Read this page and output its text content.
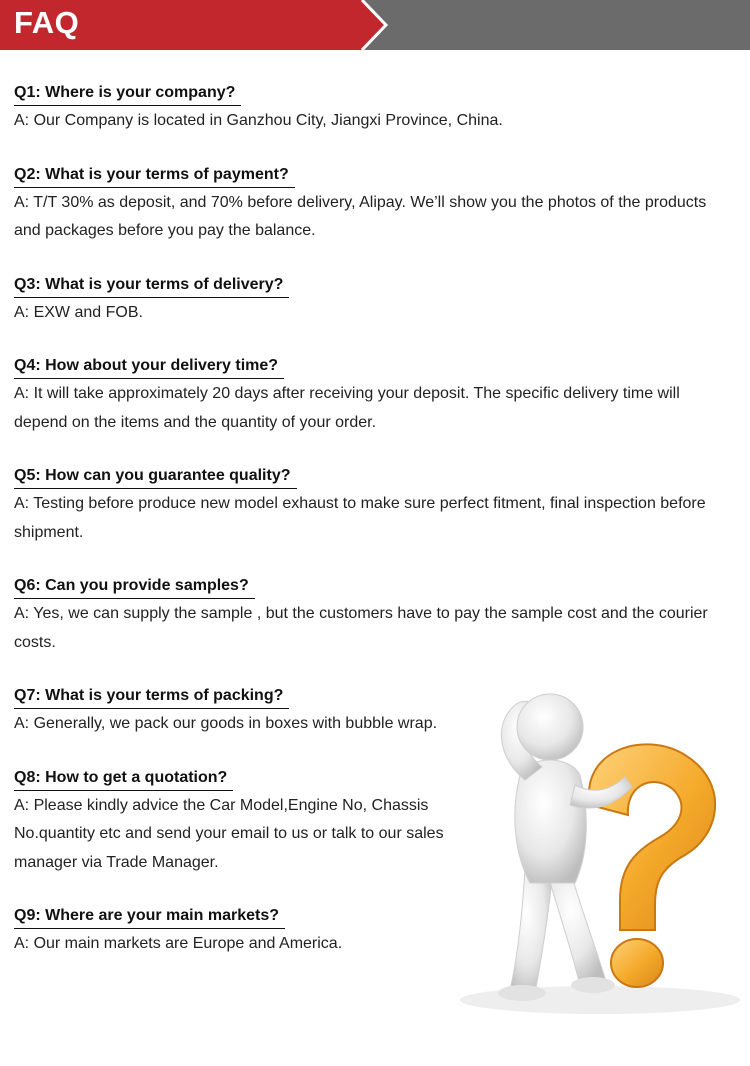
FAQ
Q1: Where is your company?
A: Our Company is located in Ganzhou City, Jiangxi Province, China.
Q2: What is your terms of payment?
A: T/T 30% as deposit, and 70% before delivery, Alipay. We’ll show you the photos of the products and packages before you pay the balance.
Q3: What is your terms of delivery?
A: EXW and FOB.
Q4: How about your delivery time?
A: It will take approximately 20 days after receiving your deposit. The specific delivery time will depend on the items and the quantity of your order.
Q5: How can you guarantee quality?
A: Testing before produce new model exhaust to make sure perfect fitment, final inspection before shipment.
Q6: Can you provide samples?
A: Yes, we can supply the sample , but the customers have to pay the sample cost and the courier costs.
Q7: What is your terms of packing?
A: Generally, we pack our goods in boxes with bubble wrap.
Q8: How to get a quotation?
A: Please kindly advice the Car Model,Engine No, Chassis No.quantity etc and send your email to us or talk to our sales manager via Trade Manager.
Q9: Where are your main markets?
A: Our main markets are Europe and America.
